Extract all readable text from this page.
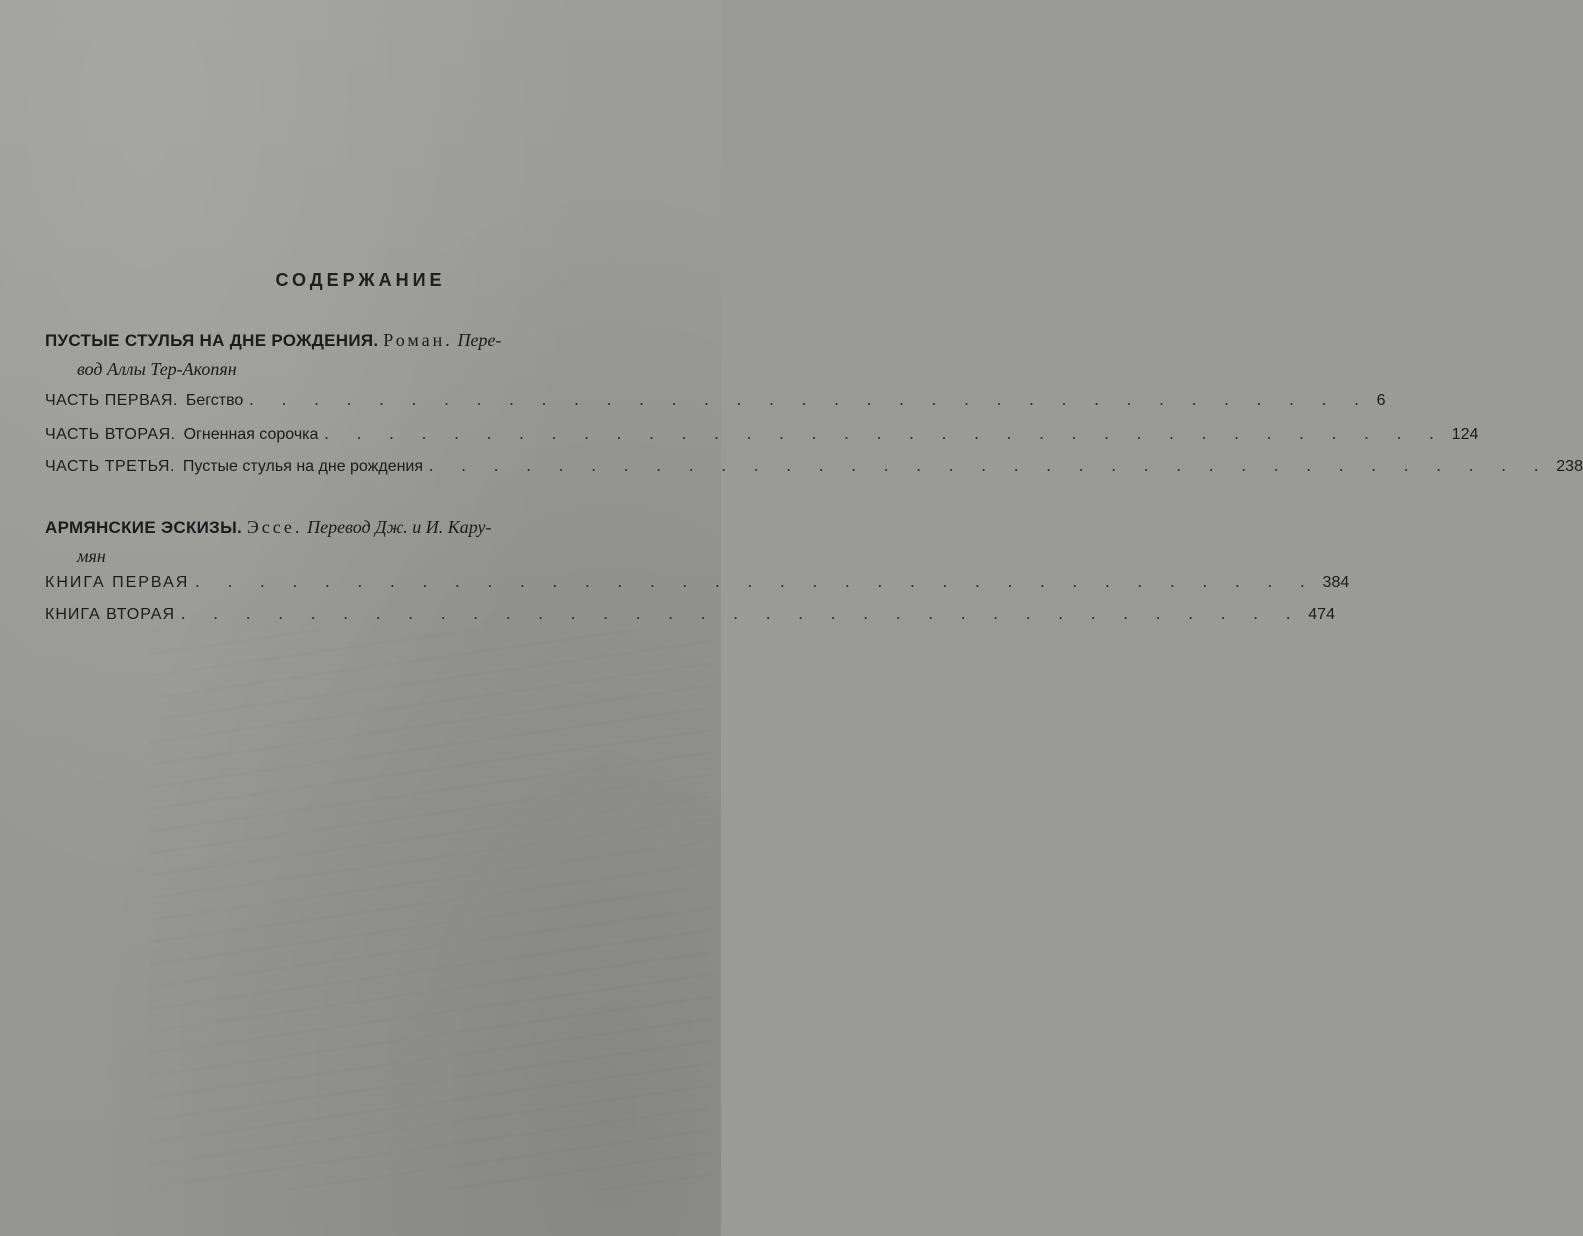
СОДЕРЖАНИЕ
ПУСТЫЕ СТУЛЬЯ НА ДНЕ РОЖДЕНИЯ. Роман. Пере-
вод Аллы Тер-Акопян
ЧАСТЬ ПЕРВАЯ. Бегство . . . . . . . . . . . . . . . . . . . . . . . . . . . . . . . . . . . 6
ЧАСТЬ ВТОРАЯ. Огненная сорочка . . . . . . . . . . . . . . . . . . . . . . . . . . . . . . . . . . . 124
ЧАСТЬ ТРЕТЬЯ. Пустые стулья на дне рождения . . . . . . . . . . . . . . . . . . . . . . . . . . . . . . . . . . . 238
АРМЯНСКИЕ ЭСКИЗЫ. Эссе. Перевод Дж. и И. Кару-
мян
КНИГА ПЕРВАЯ . . . . . . . . . . . . . . . . . . . . . . . . . . . . . . . . . . . 384
КНИГА ВТОРАЯ . . . . . . . . . . . . . . . . . . . . . . . . . . . . . . . . . . . 474
